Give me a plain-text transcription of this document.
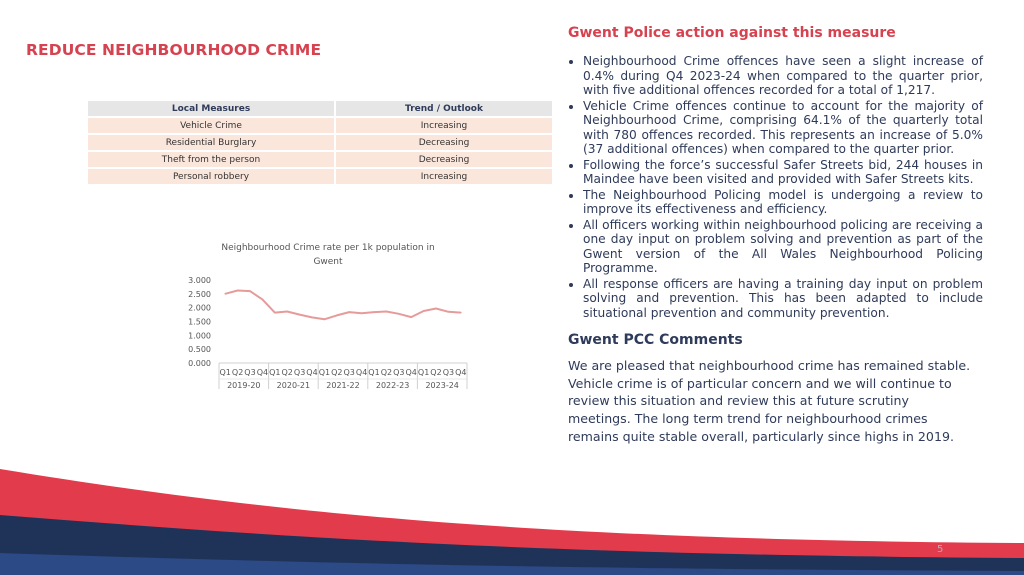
REDUCE NEIGHBOURHOOD CRIME
Local Measures	Trend / Outlook
Vehicle Crime	Increasing
Residential Burglary	Decreasing
Theft from the person	Decreasing
Personal robbery	Increasing
Neighbourhood Crime rate per 1k population in
Gwent
0.000
0.500
1.000
1.500
2.000
2.500
3.000
Q1 Q2 Q3 Q4 Q1 Q2 Q3 Q4 Q1 Q2 Q3 Q4 Q1 Q2 Q3 Q4 Q1 Q2 Q3 Q4
2019-20 2020-21 2021-22 2022-23 2023-24
Gwent Police action against this measure
• Neighbourhood Crime offences have seen a slight increase of 0.4% during Q4 2023-24 when compared to the quarter prior, with five additional offences recorded for a total of 1,217.
• Vehicle Crime offences continue to account for the majority of Neighbourhood Crime, comprising 64.1% of the quarterly total with 780 offences recorded. This represents an increase of 5.0% (37 additional offences) when compared to the quarter prior.
• Following the force’s successful Safer Streets bid, 244 houses in Maindee have been visited and provided with Safer Streets kits.
• The Neighbourhood Policing model is undergoing a review to improve its effectiveness and efficiency.
• All officers working within neighbourhood policing are receiving a one day input on problem solving and prevention as part of the Gwent version of the All Wales Neighbourhood Policing Programme.
• All response officers are having a training day input on problem solving and prevention. This has been adapted to include situational prevention and community prevention.
Gwent PCC Comments
We are pleased that neighbourhood crime has remained stable. Vehicle crime is of particular concern and we will continue to review this situation and review this at future scrutiny meetings. The long term trend for neighbourhood crimes remains quite stable overall, particularly since highs in 2019.
5
